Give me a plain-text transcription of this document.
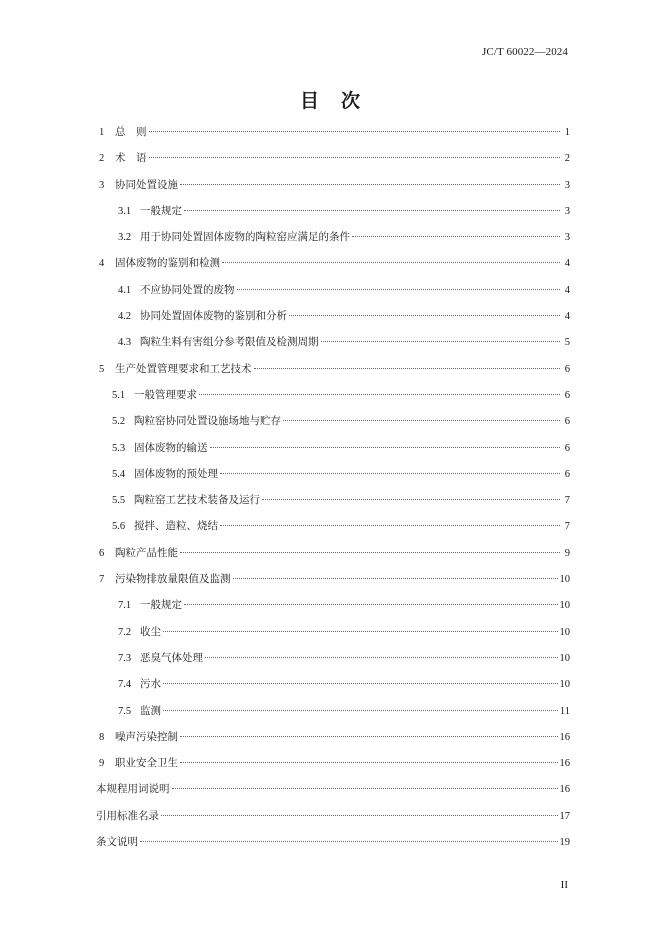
JC/T 60022—2024
目 次
1	总　则	1
2	术　语	2
3	协同处置设施	3
3.1 一般规定	3
3.2 用于协同处置固体废物的陶粒窑应满足的条件	3
4	固体废物的鉴别和检测	4
4.1 不应协同处置的废物	4
4.2 协同处置固体废物的鉴别和分析	4
4.3 陶粒生料有害组分参考限值及检测周期	5
5	生产处置管理要求和工艺技术	6
5.1 一般管理要求	6
5.2 陶粒窑协同处置设施场地与贮存	6
5.3 固体废物的输送	6
5.4 固体废物的预处理	6
5.5 陶粒窑工艺技术装备及运行	7
5.6 搅拌、造粒、烧结	7
6	陶粒产品性能	9
7	污染物排放量限值及监测	10
7.1 一般规定	10
7.2 收尘	10
7.3 恶臭气体处理	10
7.4 污水	10
7.5 监测	11
8	噪声污染控制	16
9	职业安全卫生	16
本规程用词说明	16
引用标准名录	17
条文说明	19
II
